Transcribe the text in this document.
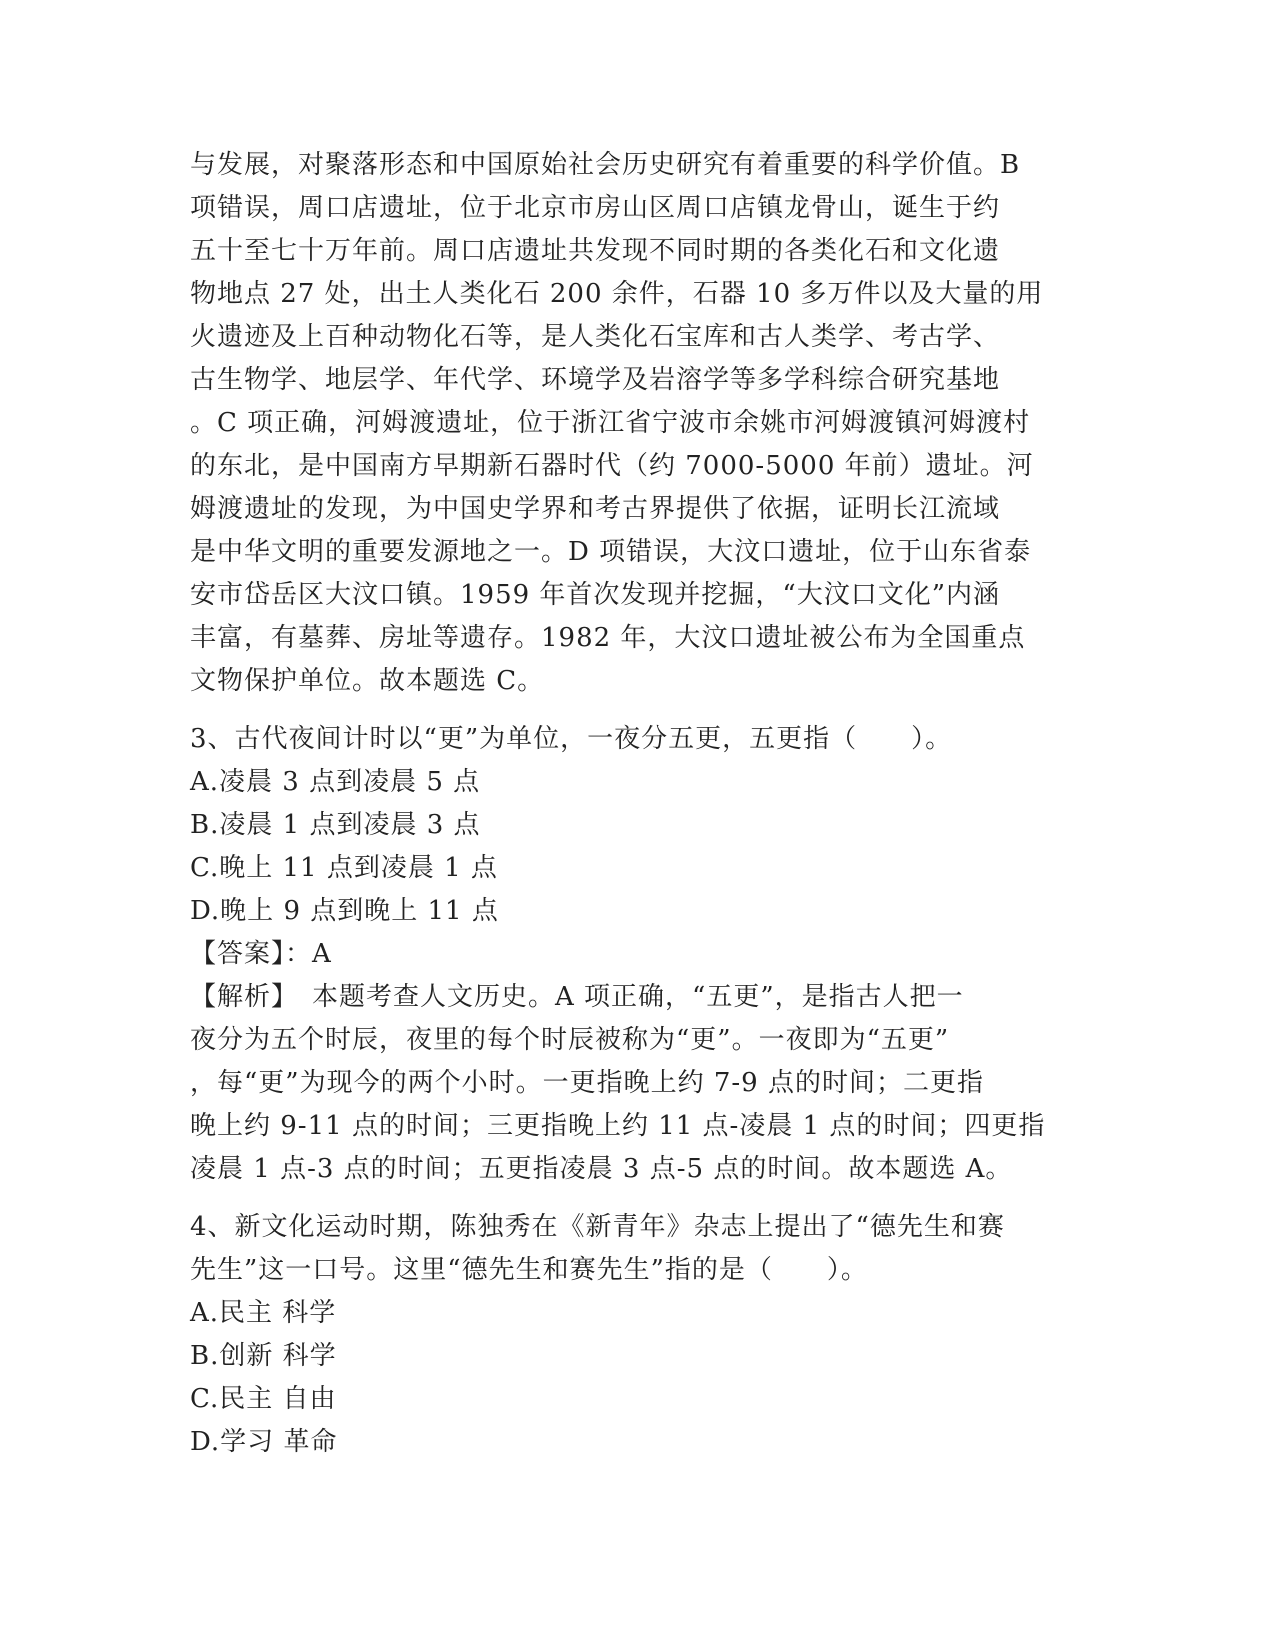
与发展，对聚落形态和中国原始社会历史研究有着重要的科学价值。B
项错误，周口店遗址，位于北京市房山区周口店镇龙骨山，诞生于约
五十至七十万年前。周口店遗址共发现不同时期的各类化石和文化遗
物地点 27 处，出土人类化石 200 余件，石器 10 多万件以及大量的用
火遗迹及上百种动物化石等，是人类化石宝库和古人类学、考古学、
古生物学、地层学、年代学、环境学及岩溶学等多学科综合研究基地
。C 项正确，河姆渡遗址，位于浙江省宁波市余姚市河姆渡镇河姆渡村
的东北，是中国南方早期新石器时代（约 7000-5000 年前）遗址。河
姆渡遗址的发现，为中国史学界和考古界提供了依据，证明长江流域
是中华文明的重要发源地之一。D 项错误，大汶口遗址，位于山东省泰
安市岱岳区大汶口镇。1959 年首次发现并挖掘，“大汶口文化”内涵
丰富，有墓葬、房址等遗存。1982 年，大汶口遗址被公布为全国重点
文物保护单位。故本题选 C。
3、古代夜间计时以“更”为单位，一夜分五更，五更指（　　）。
A.凌晨 3 点到凌晨 5 点
B.凌晨 1 点到凌晨 3 点
C.晚上 11 点到凌晨 1 点
D.晚上 9 点到晚上 11 点
【答案】：A
【解析】　本题考查人文历史。A 项正确，“五更”，是指古人把一
夜分为五个时辰，夜里的每个时辰被称为“更”。一夜即为“五更”
，每“更”为现今的两个小时。一更指晚上约 7-9 点的时间；二更指
晚上约 9-11 点的时间；三更指晚上约 11 点-凌晨 1 点的时间；四更指
凌晨 1 点-3 点的时间；五更指凌晨 3 点-5 点的时间。故本题选 A。
4、新文化运动时期，陈独秀在《新青年》杂志上提出了“德先生和赛
先生”这一口号。这里“德先生和赛先生”指的是（　　）。
A.民主 科学
B.创新 科学
C.民主 自由
D.学习 革命
